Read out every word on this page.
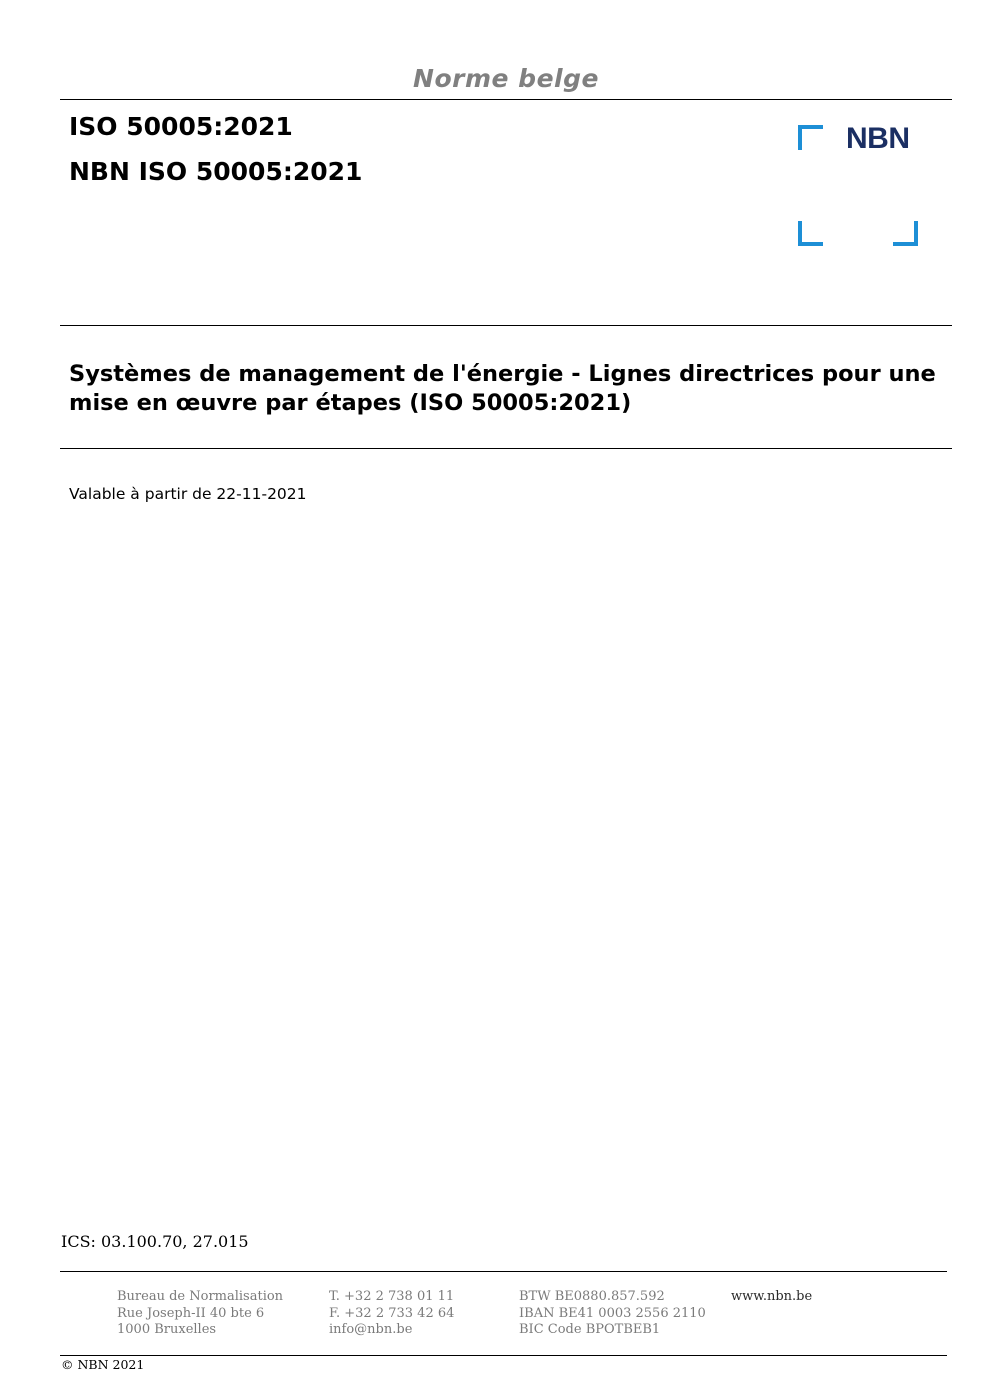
Norme belge
ISO 50005:2021
NBN ISO 50005:2021
NBN
Systèmes de management de l'énergie - Lignes directrices pour une mise en œuvre par étapes (ISO 50005:2021)
Valable à partir de 22-11-2021
ICS: 03.100.70, 27.015
Bureau de Normalisation
Rue Joseph-II 40 bte 6
1000 Bruxelles
T. +32 2 738 01 11
F. +32 2 733 42 64
info@nbn.be
BTW BE0880.857.592
IBAN BE41 0003 2556 2110
BIC Code BPOTBEB1
www.nbn.be
© NBN 2021
